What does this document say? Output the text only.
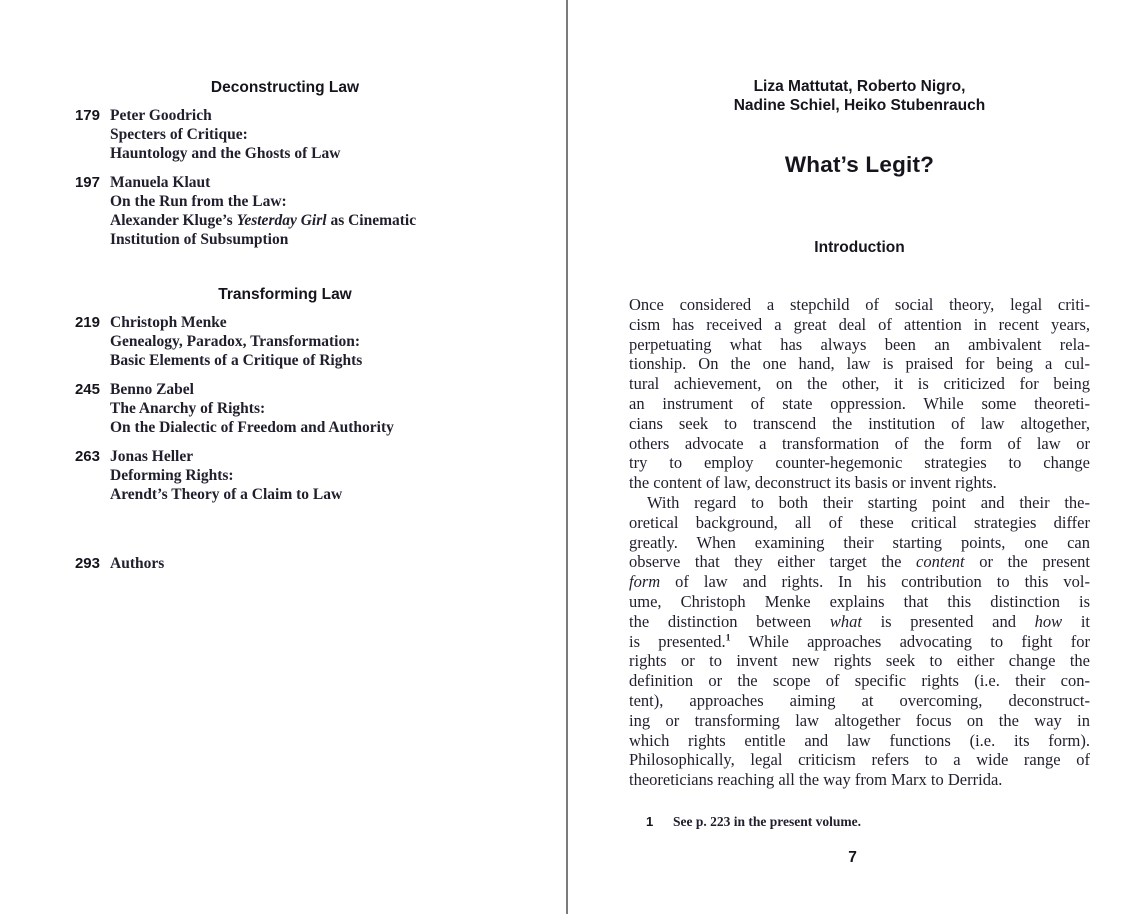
Deconstructing Law
179 Peter Goodrich
Specters of Critique:
Hauntology and the Ghosts of Law
197 Manuela Klaut
On the Run from the Law:
Alexander Kluge’s Yesterday Girl as Cinematic
Institution of Subsumption
Transforming Law
219 Christoph Menke
Genealogy, Paradox, Transformation:
Basic Elements of a Critique of Rights
245 Benno Zabel
The Anarchy of Rights:
On the Dialectic of Freedom and Authority
263 Jonas Heller
Deforming Rights:
Arendt’s Theory of a Claim to Law
293 Authors
Liza Mattutat, Roberto Nigro,
Nadine Schiel, Heiko Stubenrauch
What’s Legit?
Introduction
Once considered a stepchild of social theory, legal criti-
cism has received a great deal of attention in recent years,
perpetuating what has always been an ambivalent rela-
tionship. On the one hand, law is praised for being a cul-
tural achievement, on the other, it is criticized for being
an instrument of state oppression. While some theoreti-
cians seek to transcend the institution of law altogether,
others advocate a transformation of the form of law or
try to employ counter-hegemonic strategies to change
the content of law, deconstruct its basis or invent rights.
With regard to both their starting point and their the-
oretical background, all of these critical strategies differ
greatly. When examining their starting points, one can
observe that they either target the content or the present
form of law and rights. In his contribution to this vol-
ume, Christoph Menke explains that this distinction is
the distinction between what is presented and how it
is presented.$^1$ While approaches advocating to fight for
rights or to invent new rights seek to either change the
definition or the scope of specific rights (i.e. their con-
tent), approaches aiming at overcoming, deconstruct-
ing or transforming law altogether focus on the way in
which rights entitle and law functions (i.e. its form).
Philosophically, legal criticism refers to a wide range of
theoreticians reaching all the way from Marx to Derrida.
1	See p. 223 in the present volume.
7
